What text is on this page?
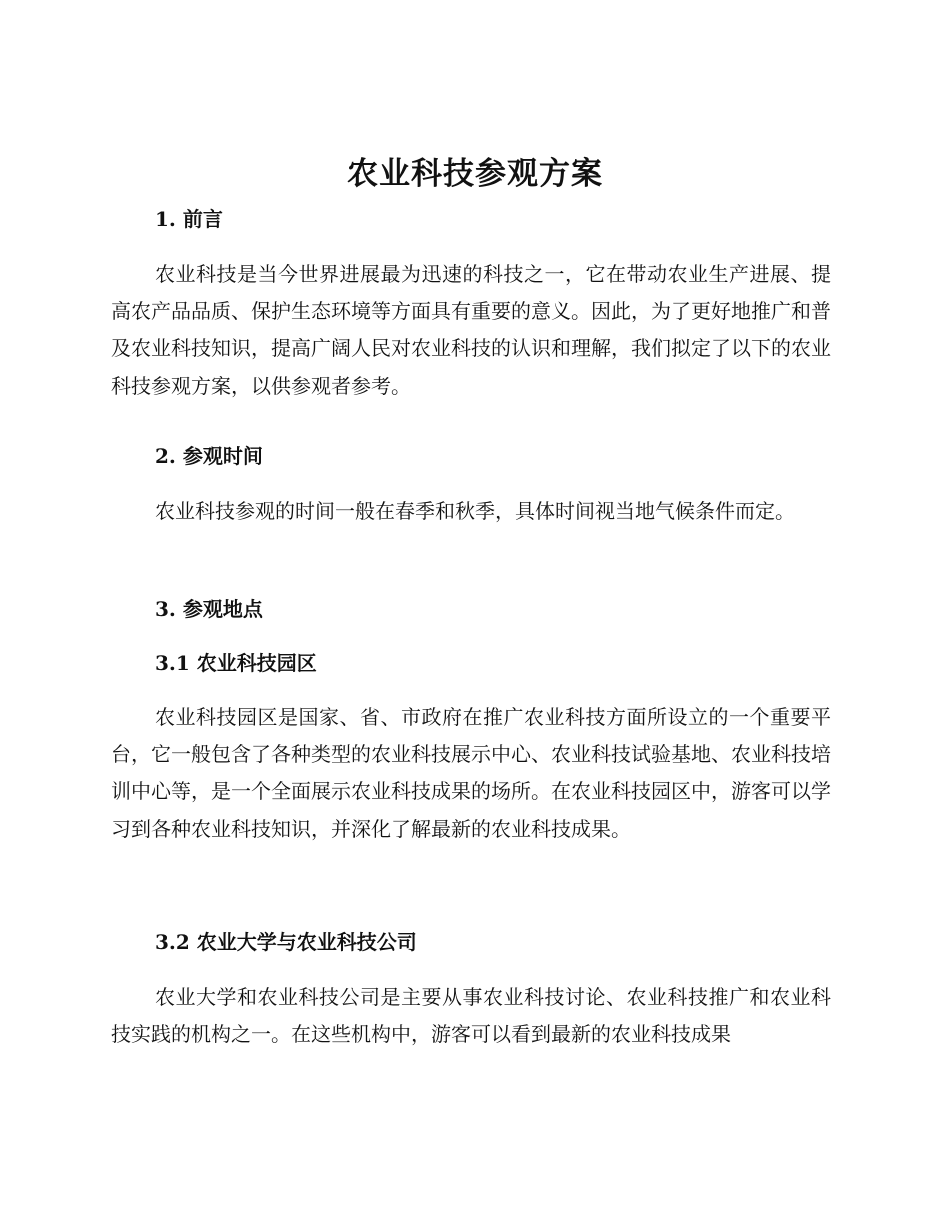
农业科技参观方案
1. 前言

农业科技是当今世界进展最为迅速的科技之一，它在带动农业生产进展、提高农产品品质、保护生态环境等方面具有重要的意义。因此，为了更好地推广和普及农业科技知识，提高广阔人民对农业科技的认识和理解，我们拟定了以下的农业科技参观方案，以供参观者参考。

2. 参观时间

农业科技参观的时间一般在春季和秋季，具体时间视当地气候条件而定。

3. 参观地点
3.1 农业科技园区

农业科技园区是国家、省、市政府在推广农业科技方面所设立的一个重要平台，它一般包含了各种类型的农业科技展示中心、农业科技试验基地、农业科技培训中心等，是一个全面展示农业科技成果的场所。在农业科技园区中，游客可以学习到各种农业科技知识，并深化了解最新的农业科技成果。

3.2 农业大学与农业科技公司

农业大学和农业科技公司是主要从事农业科技讨论、农业科技推广和农业科技实践的机构之一。在这些机构中，游客可以看到最新的农业科技成果
